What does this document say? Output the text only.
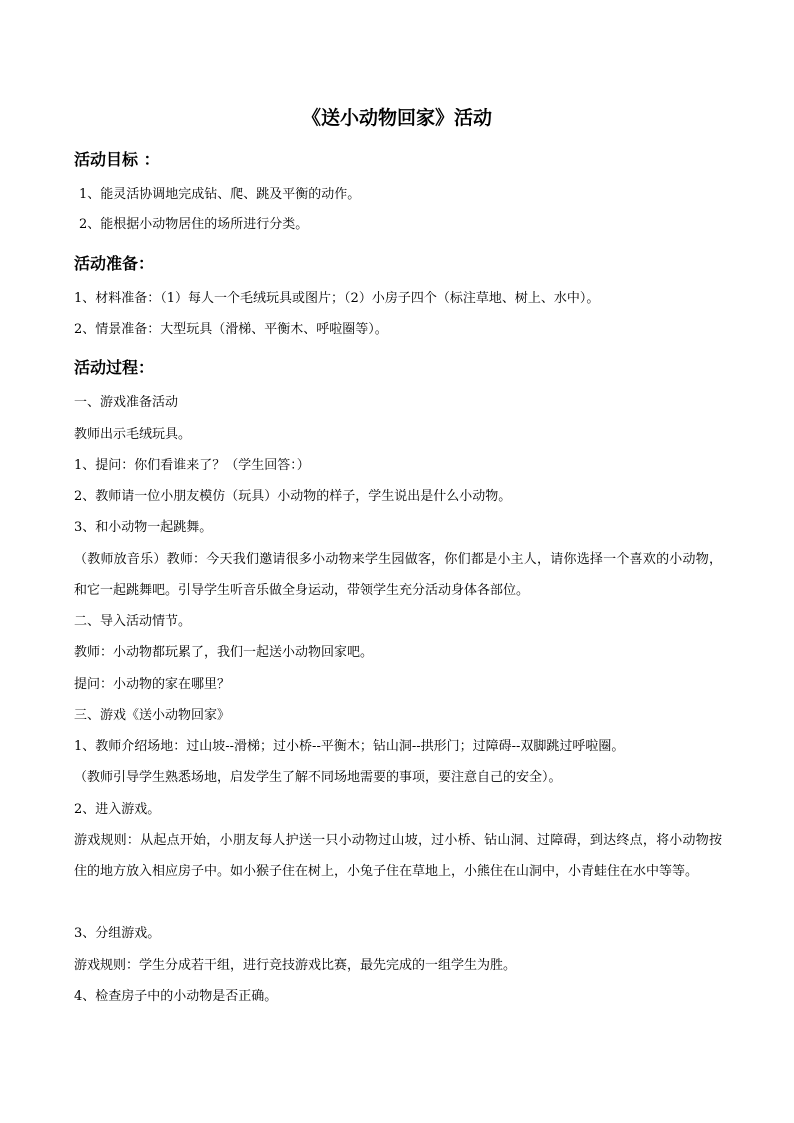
《送小动物回家》活动
活动目标 ：
1、能灵活协调地完成钻、爬、跳及平衡的动作。
2、能根据小动物居住的场所进行分类。
活动准备：
1、材料准备：（1）每人一个毛绒玩具或图片；（2）小房子四个（标注草地、树上、水中）。
2、情景准备：大型玩具（滑梯、平衡木、呼啦圈等）。
活动过程：
一、游戏准备活动
教师出示毛绒玩具。
1、提问：你们看谁来了？（学生回答：）
2、教师请一位小朋友模仿（玩具）小动物的样子，学生说出是什么小动物。
3、和小动物一起跳舞。
（教师放音乐）教师：今天我们邀请很多小动物来学生园做客，你们都是小主人，请你选择一个喜欢的小动物，和它一起跳舞吧。引导学生听音乐做全身运动，带领学生充分活动身体各部位。
二、导入活动情节。
教师：小动物都玩累了，我们一起送小动物回家吧。
提问：小动物的家在哪里？
三、游戏《送小动物回家》
1、教师介绍场地：过山坡--滑梯；过小桥--平衡木；钻山洞--拱形门；过障碍--双脚跳过呼啦圈。
（教师引导学生熟悉场地，启发学生了解不同场地需要的事项，要注意自己的安全）。
2、进入游戏。
游戏规则：从起点开始，小朋友每人护送一只小动物过山坡，过小桥、钻山洞、过障碍，到达终点，将小动物按住的地方放入相应房子中。如小猴子住在树上，小兔子住在草地上，小熊住在山洞中，小青蛙住在水中等等。
3、分组游戏。
游戏规则：学生分成若干组，进行竞技游戏比赛，最先完成的一组学生为胜。
4、检查房子中的小动物是否正确。
